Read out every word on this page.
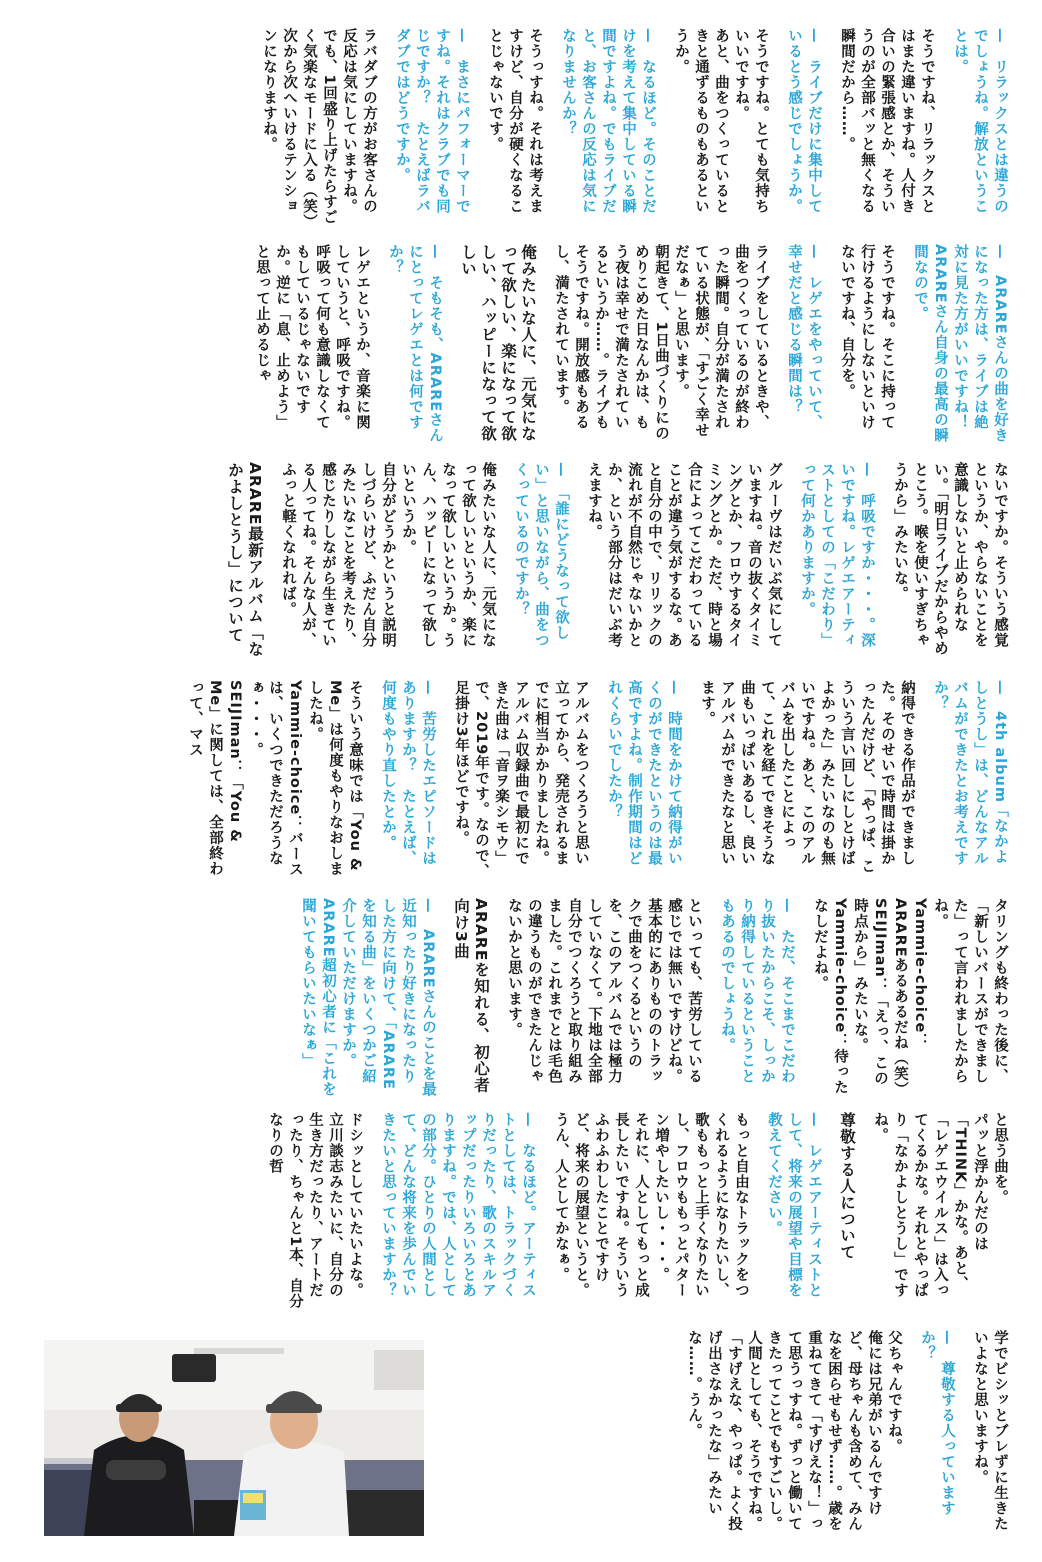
—　リラックスとは違うのでしょうね。解放ということは。

そうですね、リラックスとはまた違いますね。人付き合いの緊張感とか、そういうのが全部バッと無くなる瞬間だから……。

—　ライブだけに集中しているとう感じでしょうか。

そうですね。とても気持ちいいですね。
あと、曲をつくっているときと通ずるものもあるというか。

—　なるほど。そのことだけを考えて集中している瞬間ですよね。でもライブだと、お客さんの反応は気になりませんか？

そうっすね。それは考えますけど、自分が硬くなることじゃないです。

—　まさにパフォーマーですね。それはクラブでも同じですか？　たとえばラバダブではどうですか。

ラバダブの方がお客さんの反応は気にしていますね。でも、1回盛り上げたらすごく気楽なモードに入る（笑）　次から次へいけるテンションになりますね。

—　ARAREさんの曲を好きになった方は、ライブは絶対に見た方がいいですね！ARAREさん自身の最高の瞬間なので。

そうですね。そこに持って行けるようにしないといけないですね、自分を。

—　レゲエをやっていて、幸せだと感じる瞬間は？

ライブをしているときや、曲をつくっているのが終わった瞬間。自分が満たされている状態が、「すごく幸せだなぁ」と思います。
朝起きて、1日曲づくりにのめりこめた日なんかは、もう夜は幸せで満たされているというか……。ライブもそうですね。開放感もあるし、満たされています。

俺みたいな人に、元気になって欲しい、楽になって欲しい、ハッピーになって欲しい

—　そもそも、ARAREさんにとってレゲエとは何ですか？

レゲエというか、音楽に関していうと、呼吸ですね。呼吸って何も意識しなくてもしているじゃないですか。逆に「息、止めよう」と思って止めるじゃ

ないですか。そういう感覚というか、やらないことを意識しないと止められない。「明日ライブだからやめとこう。喉を使いすぎちゃうから」みたいな。

—　呼吸ですか・・・。深いですね。レゲエアーティストとしての「こだわり」って何かありますか。

グルーヴはだいぶ気にしていますね。音の抜くタイミングとか、フロウするタイミングとか。ただ、時と場合によってこだわっていることが違う気がするな。あと自分の中で、リリックの流れが不自然じゃないかとか、という部分はだいぶ考えますね。

—　「誰にどうなって欲しい」と思いながら、曲をつくっているのですか？

俺みたいな人に、元気になって欲しいというか、楽になって欲しいというか。うん、ハッピーになって欲しいというか。
自分がどうかというと説明しづらいけど、ふだん自分みたいなことを考えたり、感じたりしながら生きている人ってね。そんな人が、ふっと軽くなれれば。

ARARE最新アルバム「なかよしとうし」について

—　4th album「なかよしとうし」は、どんなアルバムができたとお考えですか？

納得できる作品ができました。そのせいで時間は掛かったんだけど、「やっぱ、こういう言い回しにしとけばよかった」みたいなのも無いですね。あと、このアルバムを出したことによって、これを経てできそうな曲もいっぱいあるし、良いアルバムができたなと思います。

—　時間をかけて納得がいくのができたというのは最高ですよね。制作期間はどれくらいでしたか？

アルバムをつくろうと思い立ってから、発売されるまでに相当かかりましたね。アルバム収録曲で最初にできた曲は「音ヲ楽シモウ」で、2019年です。なので、足掛け3年ほどですね。

—　苦労したエピソードはありますか？　たとえば、何度もやり直したとか。

そういう意味では「You & Me」は何度もやりなおしましたね。
Yammie-choice：バースは、いくつできただろうなぁ・・・。
SEIJIman：「You & Me」に関しては、全部終わって、マス

タリングも終わった後に、「新しいバースができました」って言われましたからね。
Yammie-choice：ARAREあるあるだね（笑）
SEIJIman：「えっ、この時点から」みたいな。
Yammie-choice：待ったなしだよね。

—　ただ、そこまでこだわり抜いたからこそ、しっかり納得しているということもあるのでしょうね。

といっても、苦労している感じでは無いですけどね。
基本的にありもののトラックで曲をつくるというのを、このアルバムでは極力していなくて。下地は全部自分でつくろうと取り組みました。これまでとは毛色の違うものができたんじゃないかと思います。

ARAREを知れる、初心者向け3曲

—　ARAREさんのことを最近知ったり好きになったりした方に向けて、「ARAREを知る曲」をいくつかご紹介していただけますか。ARARE超初心者に「これを聞いてもらいたいなぁ」

と思う曲を。
パッと浮かんだのは「THINK」かな。あと、「レゲエウイルス」は入ってくるかな。それとやっぱり「なかよしとうし」ですね。

尊敬する人について

—　レゲエアーティストとして、将来の展望や目標を教えてください。

もっと自由なトラックをつくれるようになりたいし、歌ももっと上手くなりたいし、フロウももっとパターン増やしたいし・・・。
それに、人としてもっと成長したいですね。そういうふわふわしたことですけど、将来の展望というと。うん、人としてかなぁ。

—　なるほど。アーティストとしては、トラックづくりだったり、歌のスキルアップだったりいろいろとありますね。では、人としての部分。ひとりの人間として、どんな将来を歩んでいきたいと思っていますか？

ドシッとしていたいよな。立川談志みたいに、自分の生き方だったり、アートだったり、ちゃんと1本、自分なりの哲

学でビシッとブレずに生きたいよなと思いますね。

—　尊敬する人っていますか？

父ちゃんですね。
俺には兄弟がいるんですけど、母ちゃんも含めて、みんなを困らせもせず……。歳を重ねてきて「すげえな！」って思うっすね。ずっと働いてきたってことでもすごいし。人間としても、そうですね。「すげえな、やっぱ。よく投げ出さなかったな」みたいな……。うん。
